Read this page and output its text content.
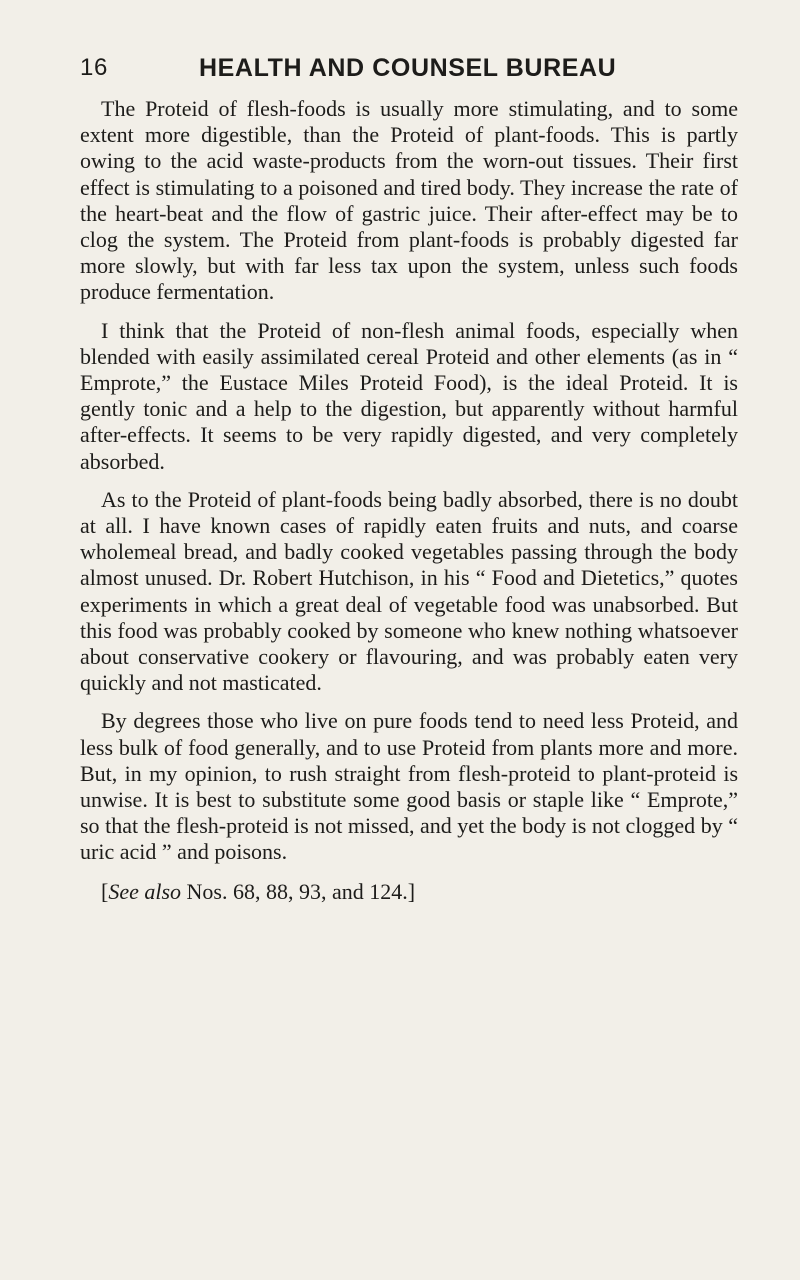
16	HEALTH AND COUNSEL BUREAU

The Proteid of flesh-foods is usually more stimulating, and to some extent more digestible, than the Proteid of plant-foods. This is partly owing to the acid waste-products from the worn-out tissues. Their first effect is stimulating to a poisoned and tired body. They increase the rate of the heart-beat and the flow of gastric juice. Their after-effect may be to clog the system. The Proteid from plant-foods is probably digested far more slowly, but with far less tax upon the system, unless such foods produce fermentation.

I think that the Proteid of non-flesh animal foods, especially when blended with easily assimilated cereal Proteid and other elements (as in “ Emprote,” the Eustace Miles Proteid Food), is the ideal Proteid. It is gently tonic and a help to the digestion, but apparently without harmful after-effects. It seems to be very rapidly digested, and very completely absorbed.

As to the Proteid of plant-foods being badly absorbed, there is no doubt at all. I have known cases of rapidly eaten fruits and nuts, and coarse wholemeal bread, and badly cooked vegetables passing through the body almost unused. Dr. Robert Hutchison, in his “ Food and Dietetics,” quotes experiments in which a great deal of vegetable food was unabsorbed. But this food was probably cooked by someone who knew nothing whatsoever about conservative cookery or flavouring, and was probably eaten very quickly and not masticated.

By degrees those who live on pure foods tend to need less Proteid, and less bulk of food generally, and to use Proteid from plants more and more. But, in my opinion, to rush straight from flesh-proteid to plant-proteid is unwise. It is best to substitute some good basis or staple like “ Emprote,” so that the flesh-proteid is not missed, and yet the body is not clogged by “ uric acid ” and poisons.

[See also Nos. 68, 88, 93, and 124.]
